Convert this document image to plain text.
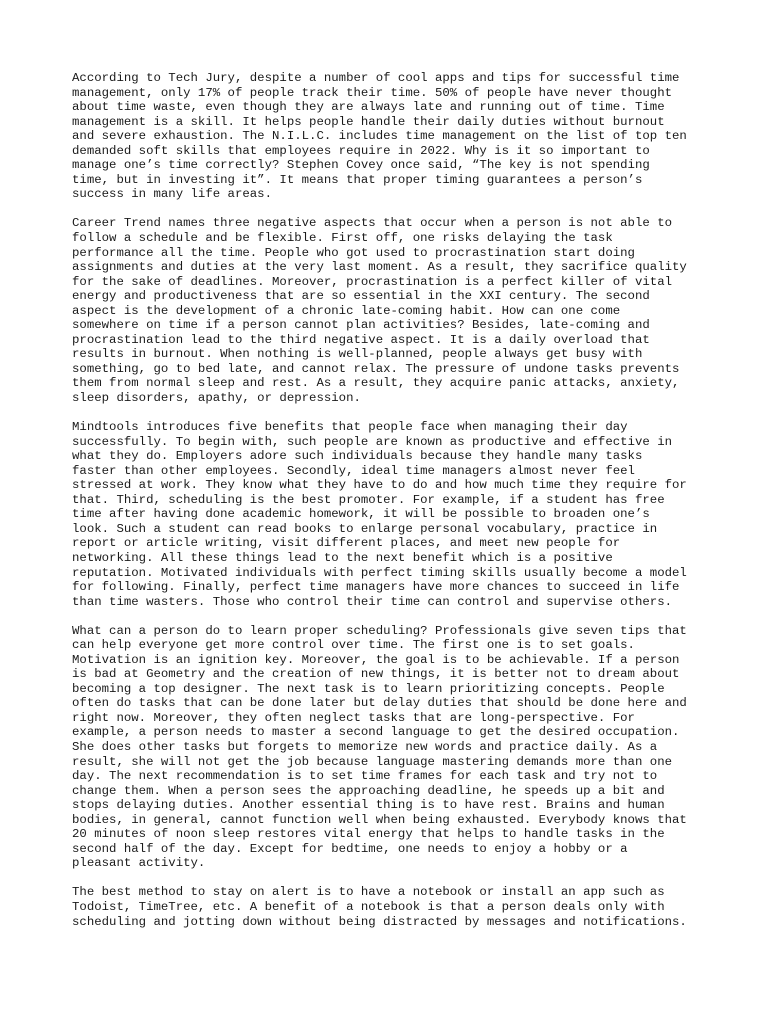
According to Tech Jury, despite a number of cool apps and tips for successful time
management, only 17% of people track their time. 50% of people have never thought
about time waste, even though they are always late and running out of time. Time
management is a skill. It helps people handle their daily duties without burnout
and severe exhaustion. The N.I.L.C. includes time management on the list of top ten
demanded soft skills that employees require in 2022. Why is it so important to
manage one’s time correctly? Stephen Covey once said, “The key is not spending
time, but in investing it”. It means that proper timing guarantees a person’s
success in many life areas.
Career Trend names three negative aspects that occur when a person is not able to
follow a schedule and be flexible. First off, one risks delaying the task
performance all the time. People who got used to procrastination start doing
assignments and duties at the very last moment. As a result, they sacrifice quality
for the sake of deadlines. Moreover, procrastination is a perfect killer of vital
energy and productiveness that are so essential in the XXI century. The second
aspect is the development of a chronic late-coming habit. How can one come
somewhere on time if a person cannot plan activities? Besides, late-coming and
procrastination lead to the third negative aspect. It is a daily overload that
results in burnout. When nothing is well-planned, people always get busy with
something, go to bed late, and cannot relax. The pressure of undone tasks prevents
them from normal sleep and rest. As a result, they acquire panic attacks, anxiety,
sleep disorders, apathy, or depression.
Mindtools introduces five benefits that people face when managing their day
successfully. To begin with, such people are known as productive and effective in
what they do. Employers adore such individuals because they handle many tasks
faster than other employees. Secondly, ideal time managers almost never feel
stressed at work. They know what they have to do and how much time they require for
that. Third, scheduling is the best promoter. For example, if a student has free
time after having done academic homework, it will be possible to broaden one’s
look. Such a student can read books to enlarge personal vocabulary, practice in
report or article writing, visit different places, and meet new people for
networking. All these things lead to the next benefit which is a positive
reputation. Motivated individuals with perfect timing skills usually become a model
for following. Finally, perfect time managers have more chances to succeed in life
than time wasters. Those who control their time can control and supervise others.
What can a person do to learn proper scheduling? Professionals give seven tips that
can help everyone get more control over time. The first one is to set goals.
Motivation is an ignition key. Moreover, the goal is to be achievable. If a person
is bad at Geometry and the creation of new things, it is better not to dream about
becoming a top designer. The next task is to learn prioritizing concepts. People
often do tasks that can be done later but delay duties that should be done here and
right now. Moreover, they often neglect tasks that are long-perspective. For
example, a person needs to master a second language to get the desired occupation.
She does other tasks but forgets to memorize new words and practice daily. As a
result, she will not get the job because language mastering demands more than one
day. The next recommendation is to set time frames for each task and try not to
change them. When a person sees the approaching deadline, he speeds up a bit and
stops delaying duties. Another essential thing is to have rest. Brains and human
bodies, in general, cannot function well when being exhausted. Everybody knows that
20 minutes of noon sleep restores vital energy that helps to handle tasks in the
second half of the day. Except for bedtime, one needs to enjoy a hobby or a
pleasant activity.
The best method to stay on alert is to have a notebook or install an app such as
Todoist, TimeTree, etc. A benefit of a notebook is that a person deals only with
scheduling and jotting down without being distracted by messages and notifications.
